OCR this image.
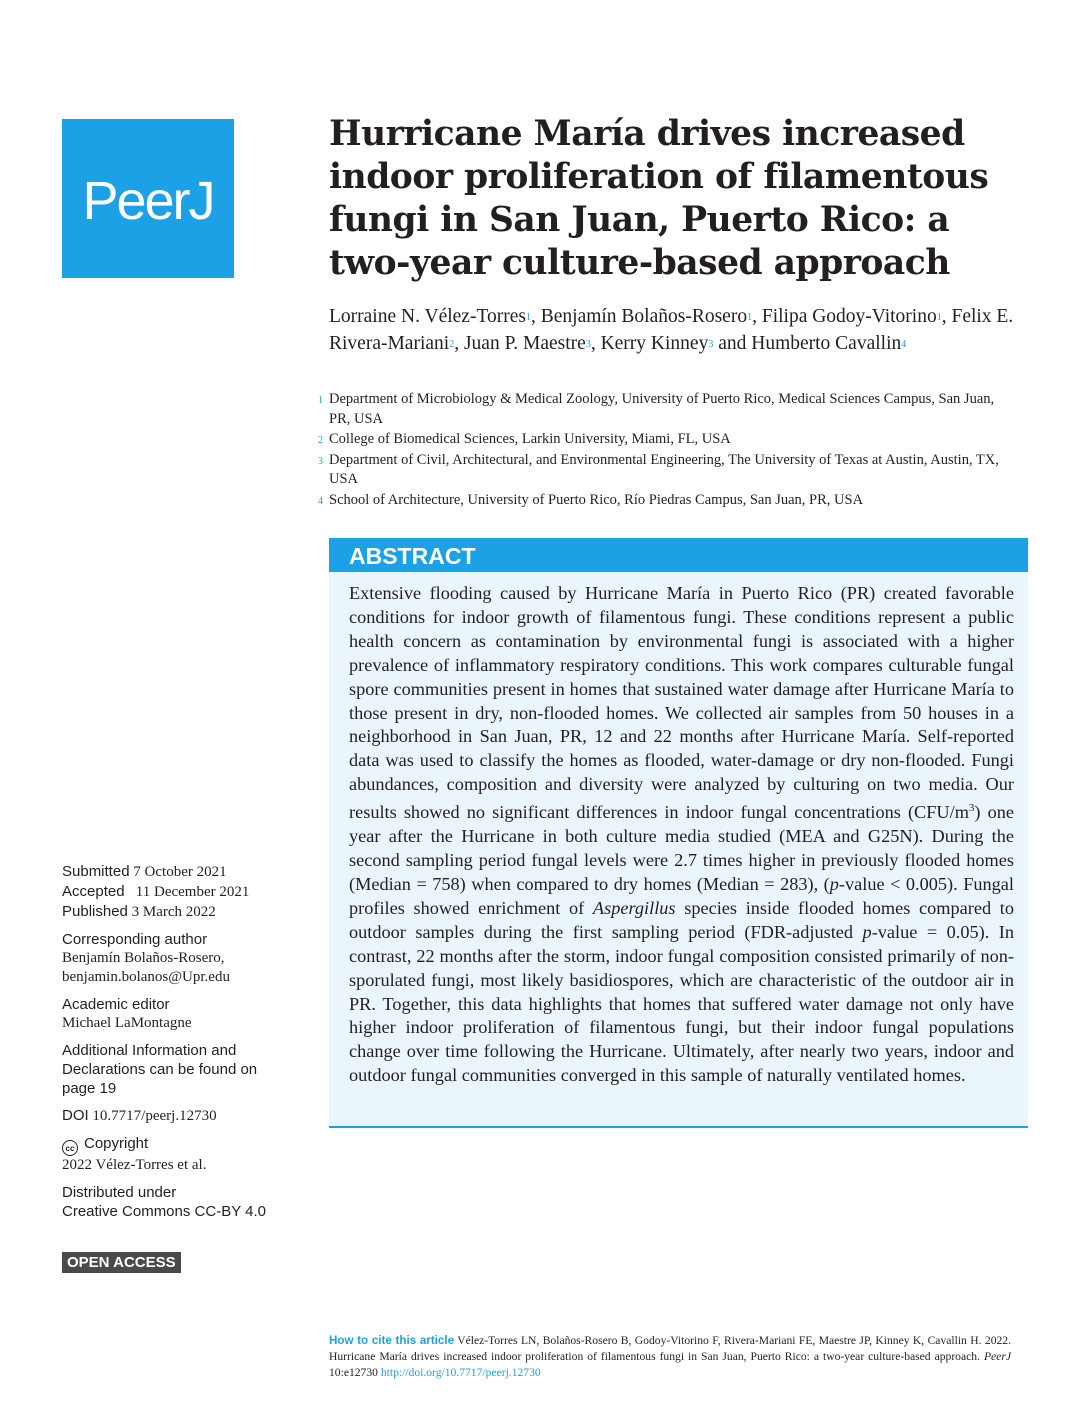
PeerJ
Hurricane María drives increased indoor proliferation of filamentous fungi in San Juan, Puerto Rico: a two-year culture-based approach
Lorraine N. Vélez-Torres$^1$, Benjamín Bolaños-Rosero$^1$, Filipa Godoy-Vitorino$^1$, Felix E. Rivera-Mariani$^2$, Juan P. Maestre$^3$, Kerry Kinney$^3$ and Humberto Cavallin$^4$
1 Department of Microbiology & Medical Zoology, University of Puerto Rico, Medical Sciences Campus, San Juan, PR, USA
2 College of Biomedical Sciences, Larkin University, Miami, FL, USA
3 Department of Civil, Architectural, and Environmental Engineering, The University of Texas at Austin, Austin, TX, USA
4 School of Architecture, University of Puerto Rico, Río Piedras Campus, San Juan, PR, USA
ABSTRACT
Extensive flooding caused by Hurricane María in Puerto Rico (PR) created favorable conditions for indoor growth of filamentous fungi. These conditions represent a public health concern as contamination by environmental fungi is associated with a higher prevalence of inflammatory respiratory conditions. This work compares culturable fungal spore communities present in homes that sustained water damage after Hurricane María to those present in dry, non-flooded homes. We collected air samples from 50 houses in a neighborhood in San Juan, PR, 12 and 22 months after Hurricane María. Self-reported data was used to classify the homes as flooded, water-damage or dry non-flooded. Fungi abundances, composition and diversity were analyzed by culturing on two media. Our results showed no significant differences in indoor fungal concentrations $(CFU/m^3)$ one year after the Hurricane in both culture media studied (MEA and G25N). During the second sampling period fungal levels were 2.7 times higher in previously flooded homes (Median = 758) when compared to dry homes (Median = 283), (p-value < 0.005). Fungal profiles showed enrichment of Aspergillus species inside flooded homes compared to outdoor samples during the first sampling period (FDR-adjusted p-value = 0.05). In contrast, 22 months after the storm, indoor fungal composition consisted primarily of non-sporulated fungi, most likely basidiospores, which are characteristic of the outdoor air in PR. Together, this data highlights that homes that suffered water damage not only have higher indoor proliferation of filamentous fungi, but their indoor fungal populations change over time following the Hurricane. Ultimately, after nearly two years, indoor and outdoor fungal communities converged in this sample of naturally ventilated homes.
Submitted 7 October 2021
Accepted 11 December 2021
Published 3 March 2022
Corresponding author
Benjamín Bolaños-Rosero,
benjamin.bolanos@Upr.edu
Academic editor
Michael LaMontagne
Additional Information and Declarations can be found on page 19
DOI 10.7717/peerj.12730
cc Copyright
2022 Vélez-Torres et al.
Distributed under
Creative Commons CC-BY 4.0
OPEN ACCESS
How to cite this article Vélez-Torres LN, Bolaños-Rosero B, Godoy-Vitorino F, Rivera-Mariani FE, Maestre JP, Kinney K, Cavallin H. 2022. Hurricane María drives increased indoor proliferation of filamentous fungi in San Juan, Puerto Rico: a two-year culture-based approach. PeerJ 10:e12730 http://doi.org/10.7717/peerj.12730
